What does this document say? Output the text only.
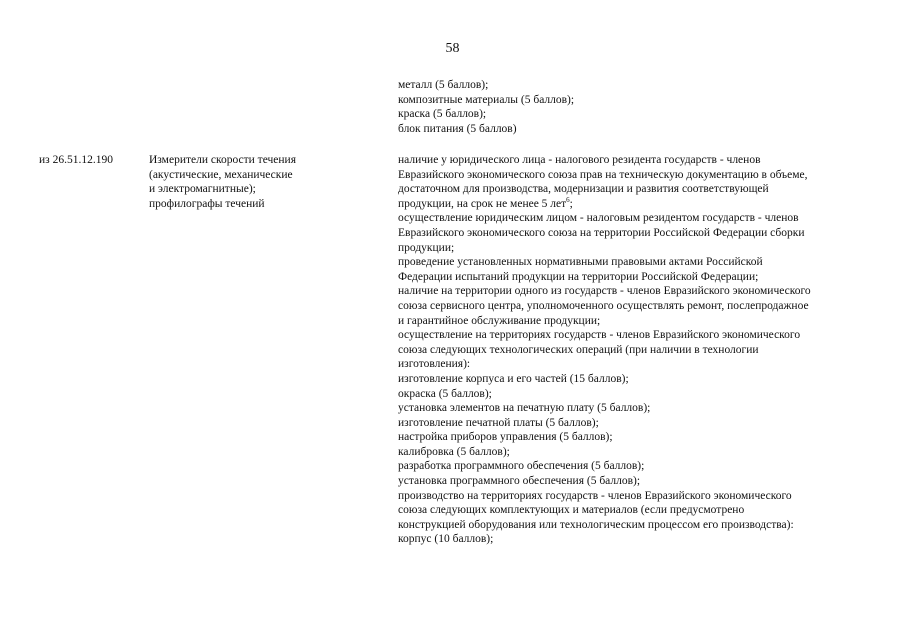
58
металл (5 баллов);
композитные материалы (5 баллов);
краска (5 баллов);
блок питания (5 баллов)
из 26.51.12.190	Измерители скорости течения
(акустические, механические
и электромагнитные);
профилографы течений
наличие у юридического лица - налогового резидента государств - членов
Евразийского экономического союза прав на техническую документацию в объеме,
достаточном для производства, модернизации и развития соответствующей
продукции, на срок не менее 5 лет$^6$;
осуществление юридическим лицом - налоговым резидентом государств - членов
Евразийского экономического союза на территории Российской Федерации сборки
продукции;
проведение установленных нормативными правовыми актами Российской
Федерации испытаний продукции на территории Российской Федерации;
наличие на территории одного из государств - членов Евразийского экономического
союза сервисного центра, уполномоченного осуществлять ремонт, послепродажное
и гарантийное обслуживание продукции;
осуществление на территориях государств - членов Евразийского экономического
союза следующих технологических операций (при наличии в технологии
изготовления):
изготовление корпуса и его частей (15 баллов);
окраска (5 баллов);
установка элементов на печатную плату (5 баллов);
изготовление печатной платы (5 баллов);
настройка приборов управления (5 баллов);
калибровка (5 баллов);
разработка программного обеспечения (5 баллов);
установка программного обеспечения (5 баллов);
производство на территориях государств - членов Евразийского экономического
союза следующих комплектующих и материалов (если предусмотрено
конструкцией оборудования или технологическим процессом его производства):
корпус (10 баллов);
